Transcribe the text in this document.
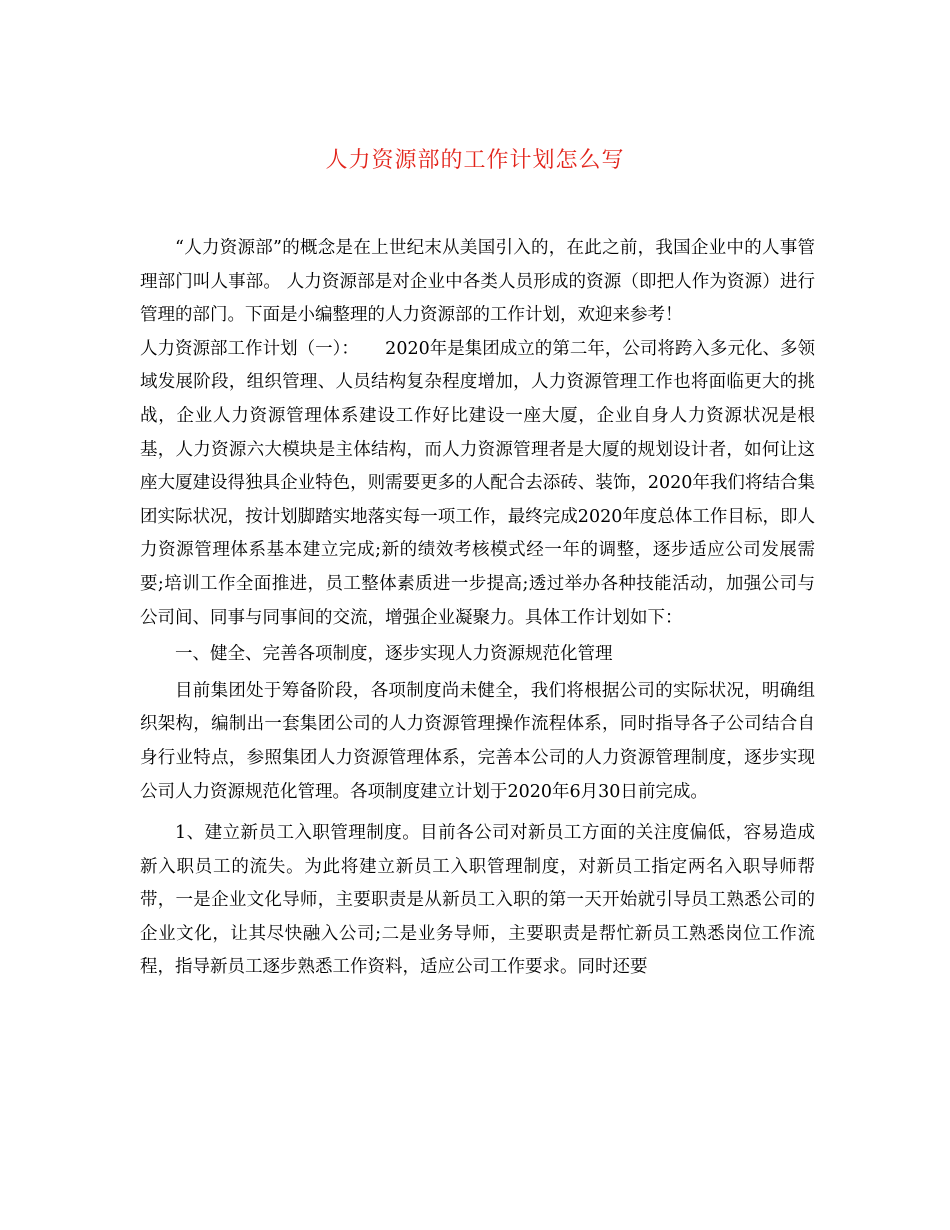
人力资源部的工作计划怎么写

“人力资源部”的概念是在上世纪末从美国引入的，在此之前，我国企业中的人事管理部门叫人事部。 人力资源部是对企业中各类人员形成的资源（即把人作为资源）进行管理的部门。下面是小编整理的人力资源部的工作计划，欢迎来参考！

人力资源部工作计划（一）：　　2020年是集团成立的第二年，公司将跨入多元化、多领域发展阶段，组织管理、人员结构复杂程度增加，人力资源管理工作也将面临更大的挑战，企业人力资源管理体系建设工作好比建设一座大厦，企业自身人力资源状况是根基，人力资源六大模块是主体结构，而人力资源管理者是大厦的规划设计者，如何让这座大厦建设得独具企业特色，则需要更多的人配合去添砖、装饰，2020年我们将结合集团实际状况，按计划脚踏实地落实每一项工作，最终完成2020年度总体工作目标，即人力资源管理体系基本建立完成;新的绩效考核模式经一年的调整，逐步适应公司发展需要;培训工作全面推进，员工整体素质进一步提高;透过举办各种技能活动，加强公司与公司间、同事与同事间的交流，增强企业凝聚力。具体工作计划如下：

一、健全、完善各项制度，逐步实现人力资源规范化管理

目前集团处于筹备阶段，各项制度尚未健全，我们将根据公司的实际状况，明确组织架构，编制出一套集团公司的人力资源管理操作流程体系，同时指导各子公司结合自身行业特点，参照集团人力资源管理体系，完善本公司的人力资源管理制度，逐步实现公司人力资源规范化管理。各项制度建立计划于2020年6月30日前完成。

1、建立新员工入职管理制度。目前各公司对新员工方面的关注度偏低，容易造成新入职员工的流失。为此将建立新员工入职管理制度，对新员工指定两名入职导师帮带，一是企业文化导师，主要职责是从新员工入职的第一天开始就引导员工熟悉公司的企业文化，让其尽快融入公司;二是业务导师，主要职责是帮忙新员工熟悉岗位工作流程，指导新员工逐步熟悉工作资料，适应公司工作要求。同时还要
